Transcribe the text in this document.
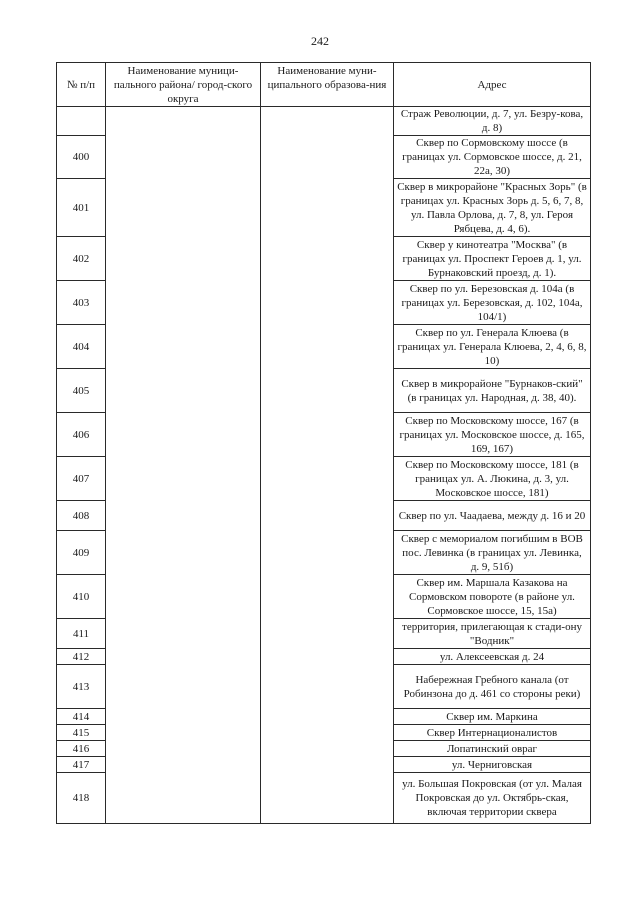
242
№ п/п	Наименование муници-пального района/ город-ского округа	Наименование муни-ципального образова-ния	Адрес
			Страж Революции, д. 7, ул. Безру-кова, д. 8)
400			Сквер по Сормовскому шоссе (в границах ул. Сормовское шоссе, д. 21, 22а, 30)
401			Сквер в микрорайоне "Красных Зорь" (в границах ул. Красных Зорь д. 5, 6, 7, 8, ул. Павла Орлова, д. 7, 8, ул. Героя Рябцева, д. 4, 6).
402			Сквер у кинотеатра "Москва" (в границах ул. Проспект Героев д. 1, ул. Бурнаковский проезд, д. 1).
403			Сквер по ул. Березовская д. 104а (в границах ул. Березовская, д. 102, 104а, 104/1)
404			Сквер по ул. Генерала Клюева (в границах ул. Генерала Клюева, 2, 4, 6, 8, 10)
405			Сквер в микрорайоне "Бурнаков-ский" (в границах ул. Народная, д. 38, 40).
406			Сквер по Московскому шоссе, 167 (в границах ул. Московское шоссе, д. 165, 169, 167)
407			Сквер по Московскому шоссе, 181 (в границах ул. А. Люкина, д. 3, ул. Московское шоссе, 181)
408			Сквер по ул. Чаадаева, между д. 16 и 20
409			Сквер с мемориалом погибшим в ВОВ пос. Левинка (в границах ул. Левинка, д. 9, 51б)
410			Сквер им. Маршала Казакова на Сормовском повороте (в районе ул. Сормовское шоссе, 15, 15а)
411			территория, прилегающая к стади-ону "Водник"
412			ул. Алексеевская д. 24
413			Набережная Гребного канала (от Робинзона до д. 461 со стороны реки)
414			Сквер им. Маркина
415			Сквер Интернационалистов
416			Лопатинский овраг
417			ул. Черниговская
418			ул. Большая Покровская (от ул. Малая Покровская до ул. Октябрь-ская, включая территории сквера
